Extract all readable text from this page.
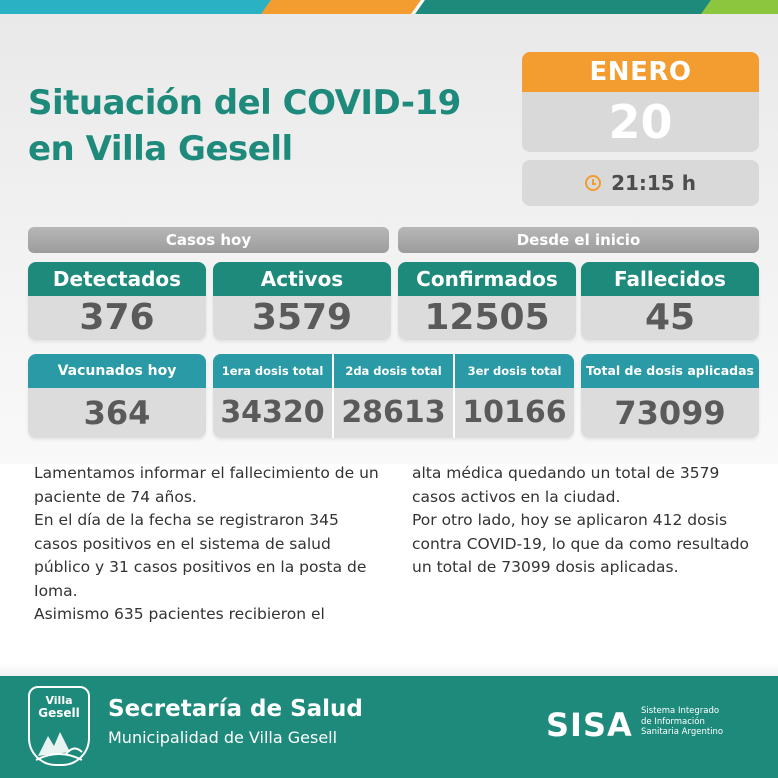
Situación del COVID-19
en Villa Gesell
ENERO
20
21:15 h
Casos hoy	Desde el inicio
Detectados
376
Activos
3579
Confirmados
12505
Fallecidos
45
Vacunados hoy
364
1era dosis total	2da dosis total	3er dosis total
34320 28613 10166
Total de dosis aplicadas
73099
Lamentamos informar el fallecimiento de un paciente de 74 años.
En el día de la fecha se registraron 345 casos positivos en el sistema de salud público y 31 casos positivos en la posta de Ioma.
Asimismo 635 pacientes recibieron el
alta médica quedando un total de 3579 casos activos en la ciudad.
Por otro lado, hoy se aplicaron 412 dosis contra COVID-19, lo que da como resultado un total de 73099 dosis aplicadas.
Secretaría de Salud
Municipalidad de Villa Gesell	SISA Sistema Integrado
de Información
Sanitaria Argentino
Villa
Gesell
